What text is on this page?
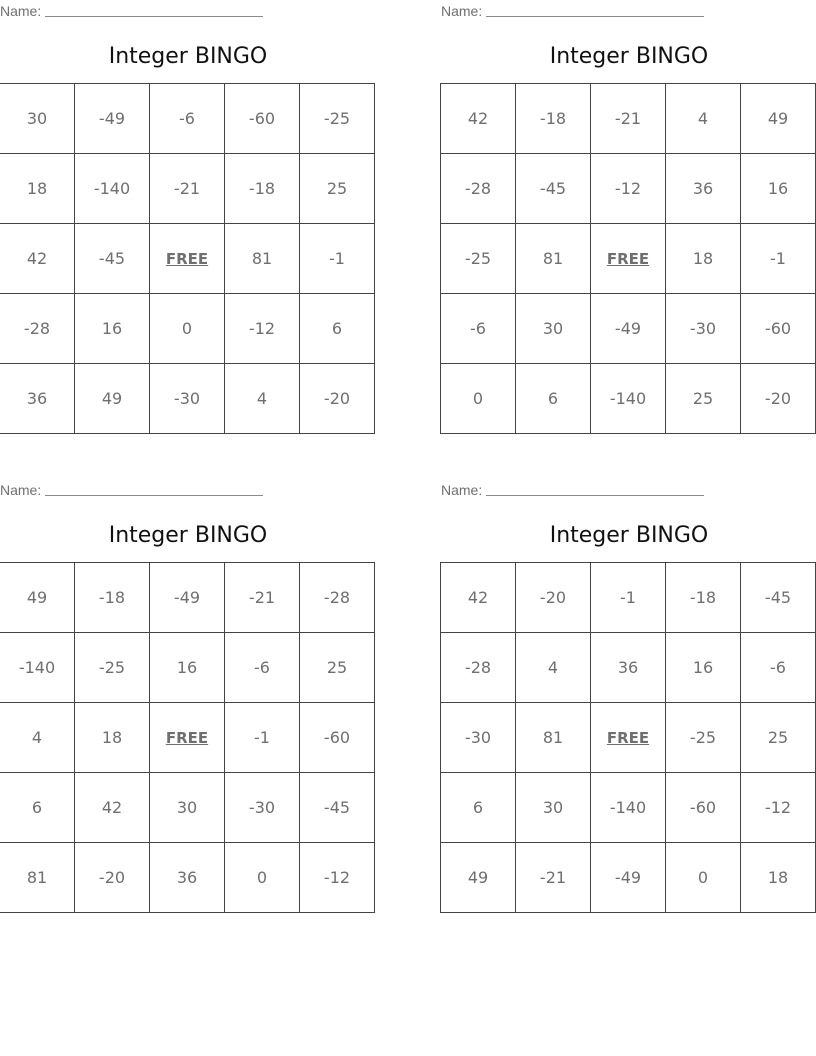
Name:
Integer BINGO
30	-49	-6	-60	-25
18	-140	-21	-18	25
42	-45	FREE	81	-1
-28	16	0	-12	6
36	49	-30	4	-20
Name:
Integer BINGO
42	-18	-21	4	49
-28	-45	-12	36	16
-25	81	FREE	18	-1
-6	30	-49	-30	-60
0	6	-140	25	-20
Name:
Integer BINGO
49	-18	-49	-21	-28
-140	-25	16	-6	25
4	18	FREE	-1	-60
6	42	30	-30	-45
81	-20	36	0	-12
Name:
Integer BINGO
42	-20	-1	-18	-45
-28	4	36	16	-6
-30	81	FREE	-25	25
6	30	-140	-60	-12
49	-21	-49	0	18
